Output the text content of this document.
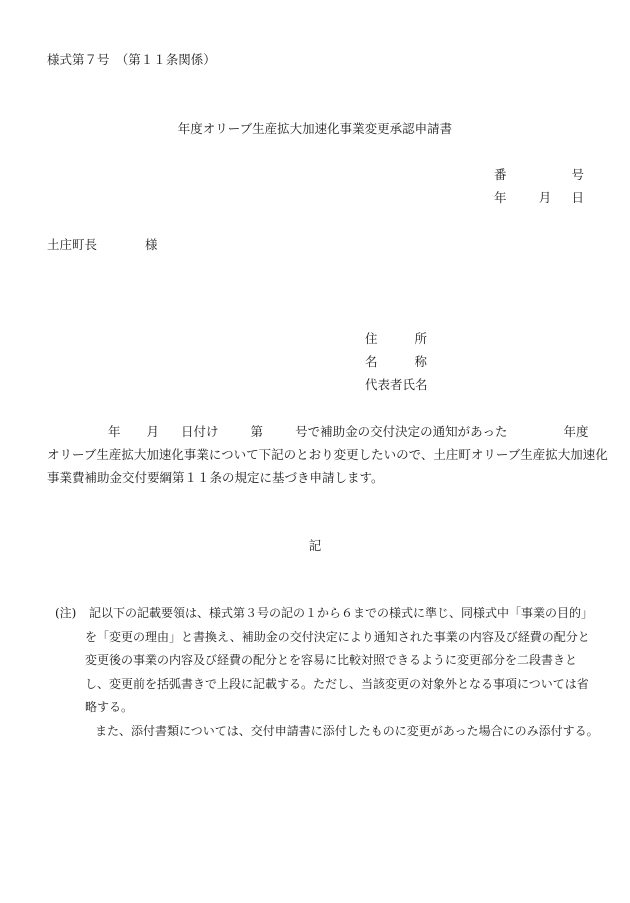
様式第７号　（第１１条関係）
年度オリーブ生産拡大加速化事業変更承認申請書
番	号
年	月 日
土庄町長	様
住 所
名 称
代表者氏名
年 月 日付け	第	号で補助金の交付決定の通知があった	年度
オリーブ生産拡大加速化事業について下記のとおり変更したいので、土庄町オリーブ生産拡大加速化
事業費補助金交付要綱第１１条の規定に基づき申請します。
記
(注) 記以下の記載要領は、様式第３号の記の１から６までの様式に準じ、同様式中「事業の目的」
を「変更の理由」と書換え、補助金の交付決定により通知された事業の内容及び経費の配分と
変更後の事業の内容及び経費の配分とを容易に比較対照できるように変更部分を二段書きと
し、変更前を括弧書きで上段に記載する。ただし、当該変更の対象外となる事項については省
略する。
また、添付書類については、交付申請書に添付したものに変更があった場合にのみ添付する。
